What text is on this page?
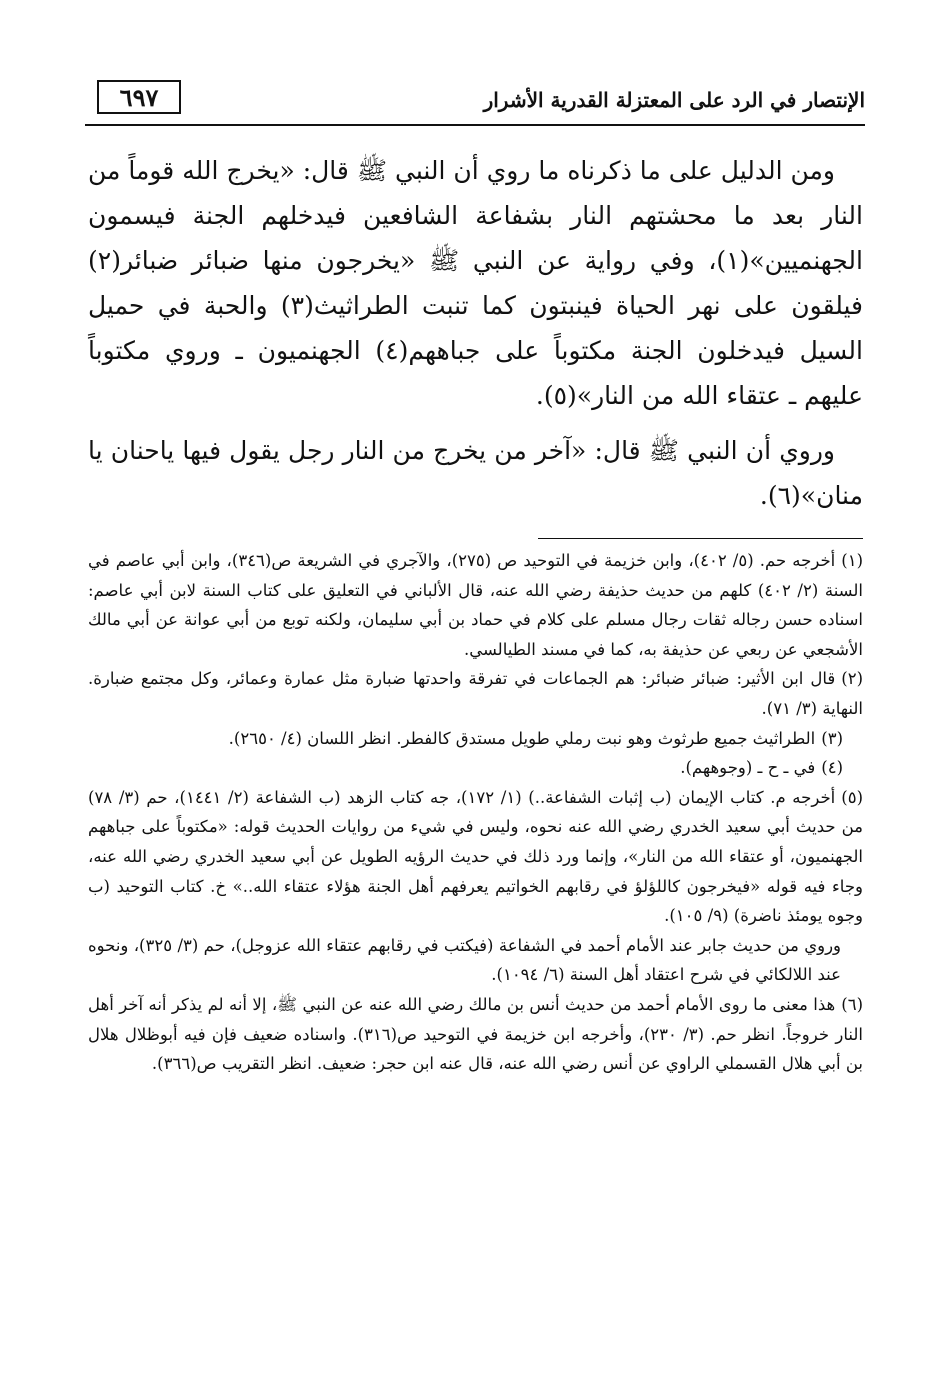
٦٩٧	الإنتصار في الرد على المعتزلة القدرية الأشرار

ومن الدليل على ما ذكرناه ما روي أن النبي ﷺ قال: «يخرج الله قوماً من النار بعد ما محشتهم النار بشفاعة الشافعين فيدخلهم الجنة فيسمون الجهنميين»(١)، وفي رواية عن النبي ﷺ «يخرجون منها ضبائر ضبائر(٢) فيلقون على نهر الحياة فينبتون كما تنبت الطراثيث(٣) والحبة في حميل السيل فيدخلون الجنة مكتوباً على جباههم(٤) الجهنميون ـ وروي مكتوباً عليهم ـ عتقاء الله من النار»(٥).

وروي أن النبي ﷺ قال: «آخر من يخرج من النار رجل يقول فيها ياحنان يا منان»(٦).

(١)أخرجه حم. (٥/ ٤٠٢)، وابن خزيمة في التوحيد ص (٢٧٥)، والآجري في الشريعة ص(٣٤٦)، وابن أبي عاصم في السنة (٢/ ٤٠٢) كلهم من حديث حذيفة رضي الله عنه، قال الألباني في التعليق على كتاب السنة لابن أبي عاصم: اسناده حسن رجاله ثقات رجال مسلم على كلام في حماد بن أبي سليمان، ولكنه توبع من أبي عوانة عن أبي مالك الأشجعي عن ربعي عن حذيفة به، كما في مسند الطيالسي.

(٢)قال ابن الأثير: ضبائر ضبائر: هم الجماعات في تفرقة واحدتها ضبارة مثل عمارة وعمائر، وكل مجتمع ضبارة. النهاية (٣/ ٧١).

(٣)الطراثيث جميع طرثوث وهو نبت رملي طويل مستدق كالفطر. انظر اللسان (٤/ ٢٦٥٠).

(٤)في ـ ح ـ (وجوههم).

(٥)أخرجه م. كتاب الإيمان (ب إثبات الشفاعة..) (١/ ١٧٢)، جه كتاب الزهد (ب الشفاعة (٢/ ١٤٤١)، حم (٣/ ٧٨) من حديث أبي سعيد الخدري رضي الله عنه نحوه، وليس في شيء من روايات الحديث قوله: «مكتوباً على جباههم الجهنميون، أو عتقاء الله من النار»، وإنما ورد ذلك في حديث الرؤيه الطويل عن أبي سعيد الخدري رضي الله عنه، وجاء فيه قوله «فيخرجون كاللؤلؤ في رقابهم الخواتيم يعرفهم أهل الجنة هؤلاء عتقاء الله..» خ. كتاب التوحيد (ب وجوه يومئذ ناضرة) (٩/ ١٠٥).

وروي من حديث جابر عند الأمام أحمد في الشفاعة (فيكتب في رقابهم عتقاء الله عزوجل)، حم (٣/ ٣٢٥)، ونحوه عند اللالكائي في شرح اعتقاد أهل السنة (٦/ ١٠٩٤).

(٦)هذا معنى ما روى الأمام أحمد من حديث أنس بن مالك رضي الله عنه عن النبي ﷺ، إلا أنه لم يذكر أنه آخر أهل النار خروجاً. انظر حم. (٣/ ٢٣٠)، وأخرجه ابن خزيمة في التوحيد ص(٣١٦). واسناده ضعيف فإن فيه أبوظلال هلال بن أبي هلال القسملي الراوي عن أنس رضي الله عنه، قال عنه ابن حجر: ضعيف. انظر التقريب ص(٣٦٦).
